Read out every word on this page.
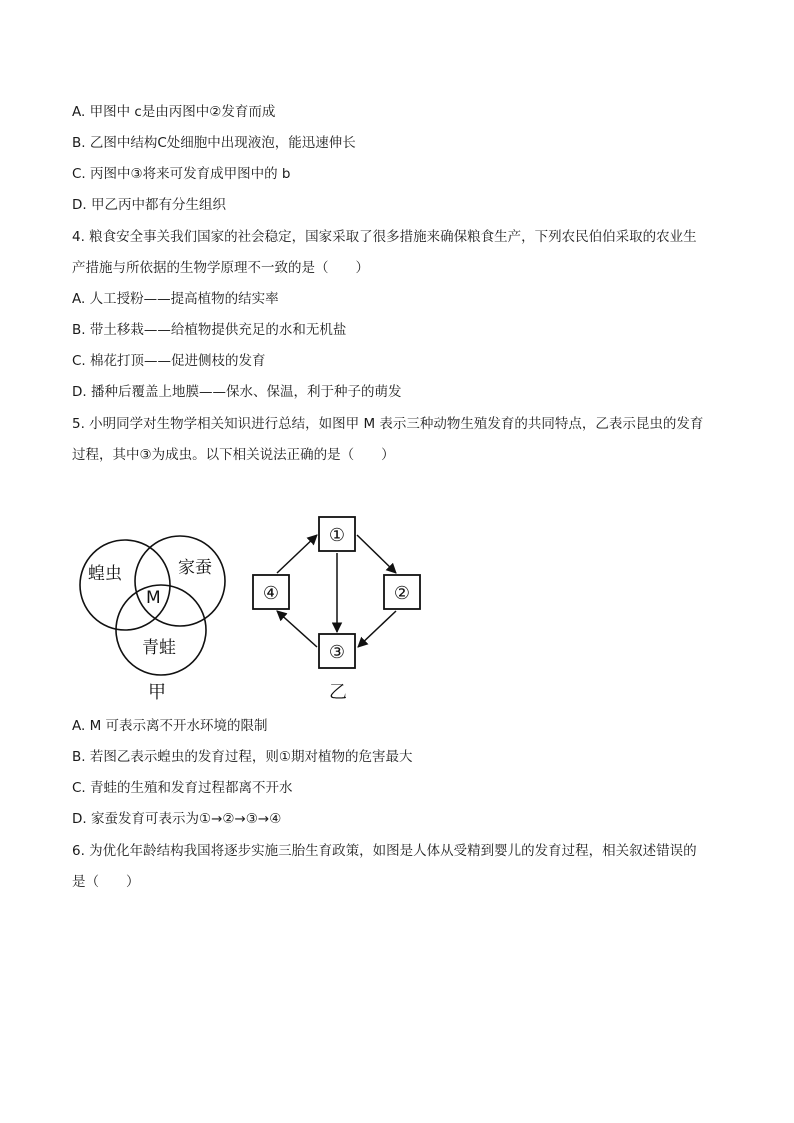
A. 甲图中 c是由丙图中②发育而成
B. 乙图中结构C处细胞中出现液泡，能迅速伸长
C. 丙图中③将来可发育成甲图中的 b
D. 甲乙丙中都有分生组织
4. 粮食安全事关我们国家的社会稳定，国家采取了很多措施来确保粮食生产，下列农民伯伯采取的农业生
产措施与所依据的生物学原理不一致的是（　　）
A. 人工授粉——提高植物的结实率
B. 带土移栽——给植物提供充足的水和无机盐
C. 棉花打顶——促进侧枝的发育
D. 播种后覆盖上地膜——保水、保温，利于种子的萌发
5. 小明同学对生物学相关知识进行总结，如图甲 M 表示三种动物生殖发育的共同特点，乙表示昆虫的发育
过程，其中③为成虫。以下相关说法正确的是（　　）
蝗虫	家蚕
青蛙
M
甲
①
②
③
④
乙
A. M 可表示离不开水环境的限制
B. 若图乙表示蝗虫的发育过程，则①期对植物的危害最大
C. 青蛙的生殖和发育过程都离不开水
D. 家蚕发育可表示为①→②→③→④
6. 为优化年龄结构我国将逐步实施三胎生育政策，如图是人体从受精到婴儿的发育过程，相关叙述错误的
是（　　）
